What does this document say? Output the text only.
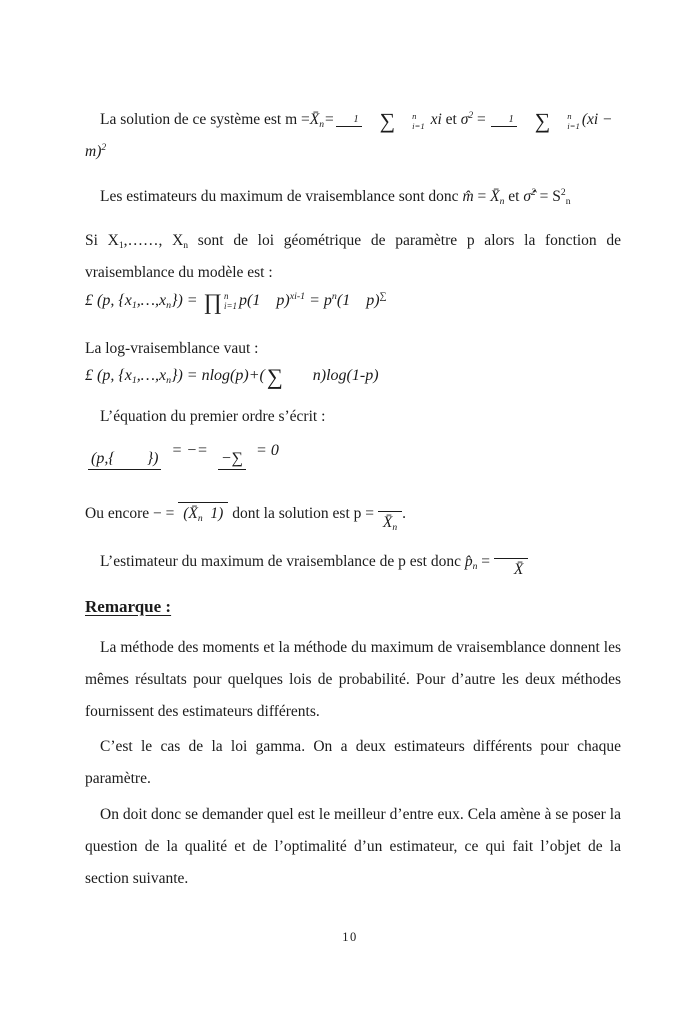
La solution de ce système est $m =X̄_n=$	1 ∑	n
i=1 xi et $\sigma^2$ =	1 ∑	n
i=1 (xi − m)$^2$

Les estimateurs du maximum de vraisemblance sont donc m̂ = $X̄_n$ et σ̂$^2$ = $S^2_n$

Si $X_1,\dots\dots$, $X_n$ sont de loi géométrique de paramètre p alors la fonction de vraisemblance du modèle est :

£ (p, $\{x_1,\dots,x_n\}$) = ∏ n
i=1 p(1    $p)^{xi-1} = p^n(1$    p)∑

La log-vraisemblance vaut :

£ (p, $\{x_1,\dots,x_n\}) = nlog(p)+$( ∑ n)log(1-p)

L’équation du premier ordre s’écrit :

(p,{        }) = −= −∑ = 0

Ou encore − = ($X̄_n$  1) dont la solution est $p = X̄_n$.

L’estimateur du maximum de vraisemblance de p est donc $p̂_n$ = X̄

Remarque :

La méthode des moments et la méthode du maximum de vraisemblance donnent les mêmes résultats pour quelques lois de probabilité. Pour d’autre les deux méthodes fournissent des estimateurs différents.

C’est le cas de la loi gamma. On a deux estimateurs différents pour chaque paramètre.

On doit donc se demander quel est le meilleur d’entre eux. Cela amène à se poser la question de la qualité et de l’optimalité d’un estimateur, ce qui fait l’objet de la section suivante.

10
